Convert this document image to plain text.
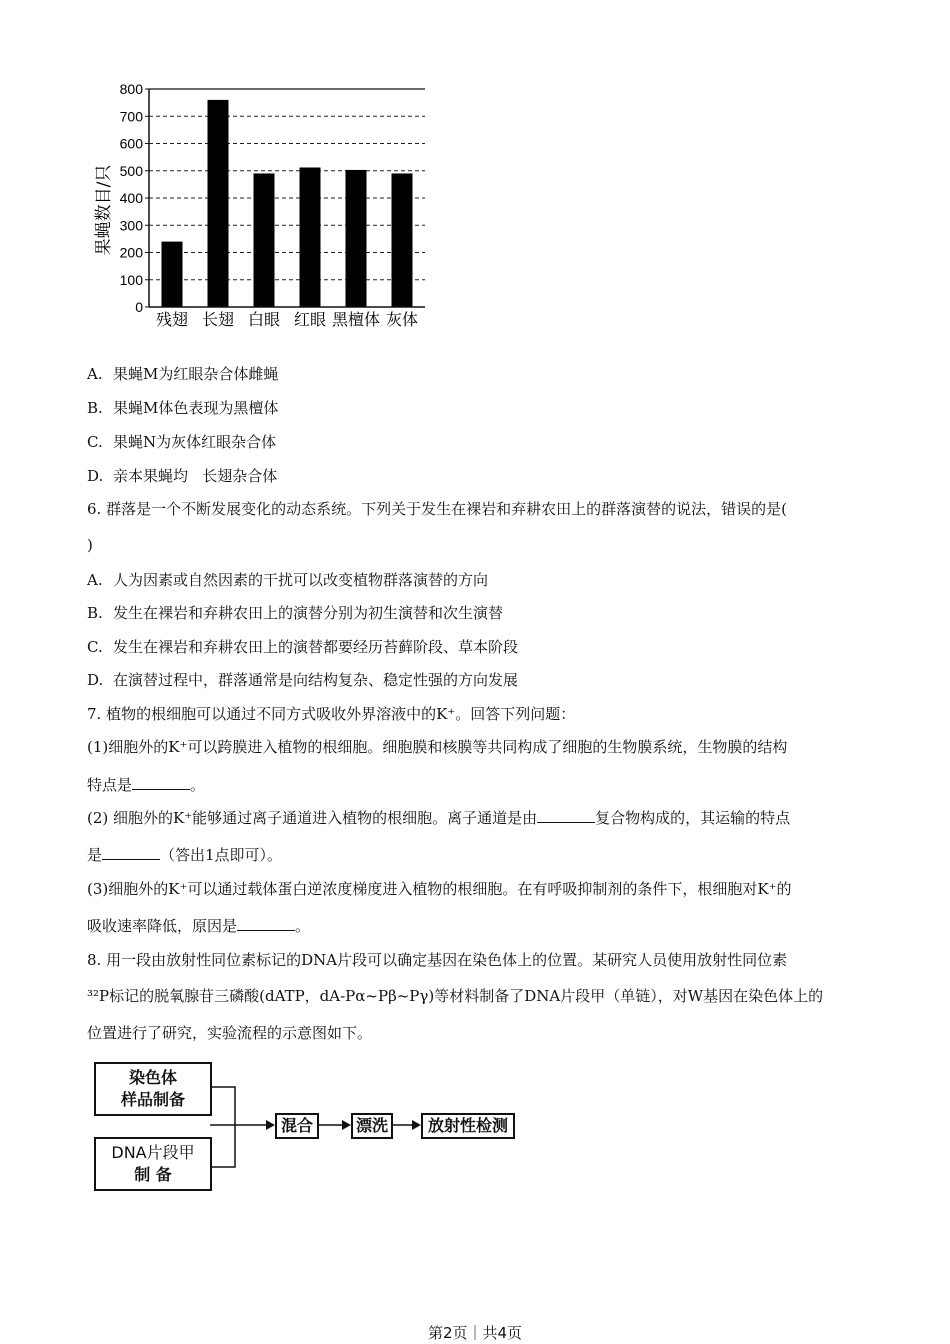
果蝇数目/只
0
100
200
300
400
500
600
700
800
残翅 长翅 白眼 红眼 黑檀体 灰体
A. 果蝇M为红眼杂合体雌蝇
B. 果蝇M体色表现为黑檀体
C. 果蝇N为灰体红眼杂合体
D. 亲本果蝇均   长翅杂合体
6. 群落是一个不断发展变化的动态系统。下列关于发生在裸岩和弃耕农田上的群落演替的说法，错误的是(
)
A. 人为因素或自然因素的干扰可以改变植物群落演替的方向
B. 发生在裸岩和弃耕农田上的演替分别为初生演替和次生演替
C. 发生在裸岩和弃耕农田上的演替都要经历苔藓阶段、草本阶段
D. 在演替过程中，群落通常是向结构复杂、稳定性强的方向发展
7. 植物的根细胞可以通过不同方式吸收外界溶液中的K⁺。回答下列问题：
(1)细胞外的K⁺可以跨膜进入植物的根细胞。细胞膜和核膜等共同构成了细胞的生物膜系统，生物膜的结构
特点是	。
(2) 细胞外的K⁺能够通过离子通道进入植物的根细胞。离子通道是由	复合物构成的，其运输的特点
是	（答出1点即可）。
(3)细胞外的K⁺可以通过载体蛋白逆浓度梯度进入植物的根细胞。在有呼吸抑制剂的条件下，根细胞对K⁺的
吸收速率降低，原因是	。
8. 用一段由放射性同位素标记的DNA片段可以确定基因在染色体上的位置。某研究人员使用放射性同位素
³²P标记的脱氧腺苷三磷酸(dATP，dA-Pα~Pβ~Pγ)等材料制备了DNA片段甲（单链），对W基因在染色体上的
位置进行了研究，实验流程的示意图如下。
染色体
样品制备
DNA片段甲
制 备
混合	漂洗	放射性检测
第2页｜共4页
